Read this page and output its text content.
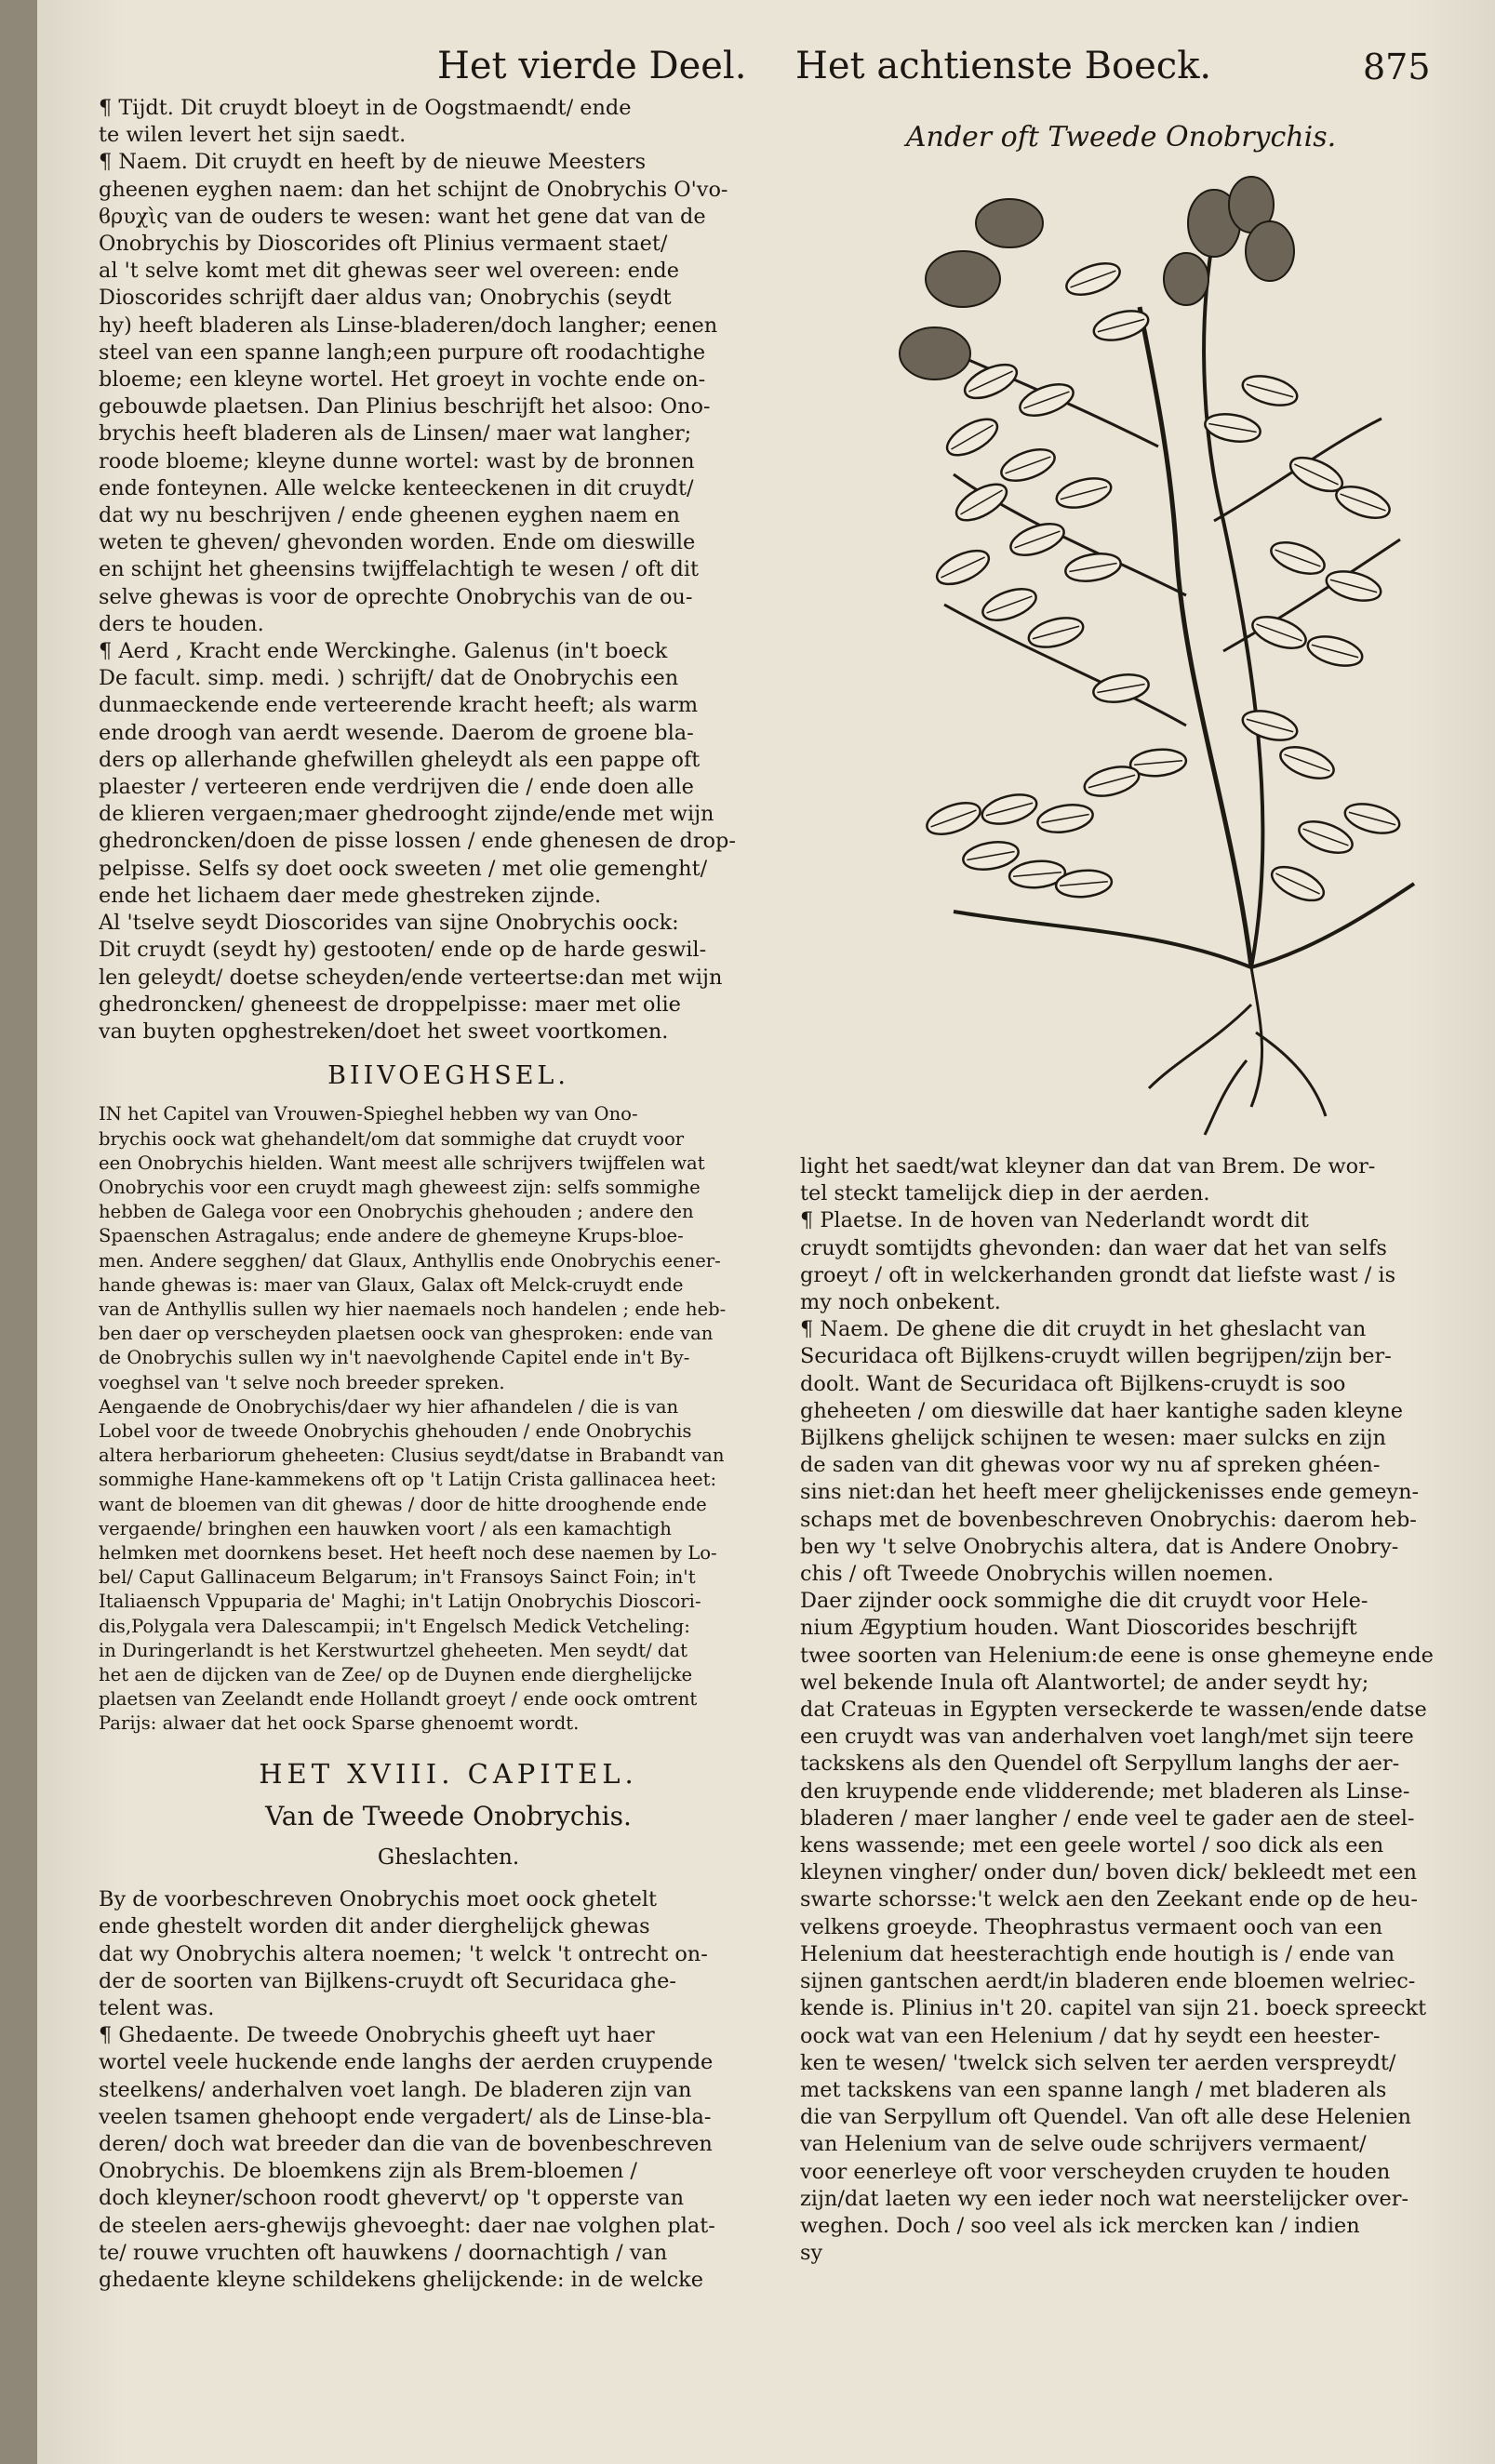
Het vierde Deel. Het achtienste Boeck.	875
¶ Tijdt. Dit cruydt bloeyt in de Oogstmaendt/ ende
te wilen levert het sijn saedt.
¶ Naem. Dit cruydt en heeft by de nieuwe Meesters
gheenen eyghen naem: dan het schijnt de Onobrychis O'vo-
ϐρυχὶς van de ouders te wesen: want het gene dat van de
Onobrychis by Dioscorides oft Plinius vermaent staet/
al 't selve komt met dit ghewas seer wel overeen: ende
Dioscorides schrijft daer aldus van; Onobrychis (seydt
hy) heeft bladeren als Linse-bladeren/doch langher; eenen
steel van een spanne langh;een purpure oft roodachtighe
bloeme; een kleyne wortel. Het groeyt in vochte ende on-
gebouwde plaetsen. Dan Plinius beschrijft het alsoo: Ono-
brychis heeft bladeren als de Linsen/ maer wat langher;
roode bloeme; kleyne dunne wortel: wast by de bronnen
ende fonteynen. Alle welcke kenteeckenen in dit cruydt/
dat wy nu beschrijven / ende gheenen eyghen naem en
weten te gheven/ ghevonden worden. Ende om dieswille
en schijnt het gheensins twijffelachtigh te wesen / oft dit
selve ghewas is voor de oprechte Onobrychis van de ou-
ders te houden.
¶ Aerd , Kracht ende Werckinghe. Galenus (in't boeck
De facult. simp. medi. ) schrijft/ dat de Onobrychis een
dunmaeckende ende verteerende kracht heeft; als warm
ende droogh van aerdt wesende. Daerom de groene bla-
ders op allerhande ghefwillen gheleydt als een pappe oft
plaester / verteeren ende verdrijven die / ende doen alle
de klieren vergaen;maer ghedrooght zijnde/ende met wijn
ghedroncken/doen de pisse lossen / ende ghenesen de drop-
pelpisse. Selfs sy doet oock sweeten / met olie gemenght/
ende het lichaem daer mede ghestreken zijnde.
Al 'tselve seydt Dioscorides van sijne Onobrychis oock:
Dit cruydt (seydt hy) gestooten/ ende op de harde geswil-
len geleydt/ doetse scheyden/ende verteertse:dan met wijn
ghedroncken/ gheneest de droppelpisse: maer met olie
van buyten opghestreken/doet het sweet voortkomen.
BIIVOEGHSEL.
IN het Capitel van Vrouwen-Spieghel hebben wy van Ono-
brychis oock wat ghehandelt/om dat sommighe dat cruydt voor
een Onobrychis hielden. Want meest alle schrijvers twijffelen wat
Onobrychis voor een cruydt magh gheweest zijn: selfs sommighe
hebben de Galega voor een Onobrychis ghehouden ; andere den
Spaenschen Astragalus; ende andere de ghemeyne Krups-bloe-
men. Andere segghen/ dat Glaux, Anthyllis ende Onobrychis eener-
hande ghewas is: maer van Glaux, Galax oft Melck-cruydt ende
van de Anthyllis sullen wy hier naemaels noch handelen ; ende heb-
ben daer op verscheyden plaetsen oock van ghesproken: ende van
de Onobrychis sullen wy in't naevolghende Capitel ende in't By-
voeghsel van 't selve noch breeder spreken.
Aengaende de Onobrychis/daer wy hier afhandelen / die is van
Lobel voor de tweede Onobrychis ghehouden / ende Onobrychis
altera herbariorum gheheeten: Clusius seydt/datse in Brabandt van
sommighe Hane-kammekens oft op 't Latijn Crista gallinacea heet:
want de bloemen van dit ghewas / door de hitte drooghende ende
vergaende/ bringhen een hauwken voort / als een kamachtigh
helmken met doornkens beset. Het heeft noch dese naemen by Lo-
bel/ Caput Gallinaceum Belgarum; in't Fransoys Sainct Foin; in't
Italiaensch Vppuparia de' Maghi; in't Latijn Onobrychis Dioscori-
dis,Polygala vera Dalescampii; in't Engelsch Medick Vetcheling:
in Duringerlandt is het Kerstwurtzel gheheeten. Men seydt/ dat
het aen de dijcken van de Zee/ op de Duynen ende dierghelijcke
plaetsen van Zeelandt ende Hollandt groeyt / ende oock omtrent
Parijs: alwaer dat het oock Sparse ghenoemt wordt.
HET XVIII. CAPITEL.
Van de Tweede Onobrychis.
Gheslachten.
By de voorbeschreven Onobrychis moet oock ghetelt
ende ghestelt worden dit ander dierghelijck ghewas
dat wy Onobrychis altera noemen; 't welck 't ontrecht on-
der de soorten van Bijlkens-cruydt oft Securidaca ghe-
telent was.
¶ Ghedaente. De tweede Onobrychis gheeft uyt haer
wortel veele huckende ende langhs der aerden cruypende
steelkens/ anderhalven voet langh. De bladeren zijn van
veelen tsamen ghehoopt ende vergadert/ als de Linse-bla-
deren/ doch wat breeder dan die van de bovenbeschreven
Onobrychis. De bloemkens zijn als Brem-bloemen /
doch kleyner/schoon roodt ghevervt/ op 't opperste van
de steelen aers-ghewijs ghevoeght: daer nae volghen plat-
te/ rouwe vruchten oft hauwkens / doornachtigh / van
ghedaente kleyne schildekens ghelijckende: in de welcke
Ander oft Tweede Onobrychis.
light het saedt/wat kleyner dan dat van Brem. De wor-
tel steckt tamelijck diep in der aerden.
¶ Plaetse. In de hoven van Nederlandt wordt dit
cruydt somtijdts ghevonden: dan waer dat het van selfs
groeyt / oft in welckerhanden grondt dat liefste wast / is
my noch onbekent.
¶ Naem. De ghene die dit cruydt in het gheslacht van
Securidaca oft Bijlkens-cruydt willen begrijpen/zijn ber-
doolt. Want de Securidaca oft Bijlkens-cruydt is soo
gheheeten / om dieswille dat haer kantighe saden kleyne
Bijlkens ghelijck schijnen te wesen: maer sulcks en zijn
de saden van dit ghewas voor wy nu af spreken ghéen-
sins niet:dan het heeft meer ghelijckenisses ende gemeyn-
schaps met de bovenbeschreven Onobrychis: daerom heb-
ben wy 't selve Onobrychis altera, dat is Andere Onobry-
chis / oft Tweede Onobrychis willen noemen.
Daer zijnder oock sommighe die dit cruydt voor Hele-
nium Ægyptium houden. Want Dioscorides beschrijft
twee soorten van Helenium:de eene is onse ghemeyne ende
wel bekende Inula oft Alantwortel; de ander seydt hy;
dat Crateuas in Egypten verseckerde te wassen/ende datse
een cruydt was van anderhalven voet langh/met sijn teere
tackskens als den Quendel oft Serpyllum langhs der aer-
den kruypende ende vlidderende; met bladeren als Linse-
bladeren / maer langher / ende veel te gader aen de steel-
kens wassende; met een geele wortel / soo dick als een
kleynen vingher/ onder dun/ boven dick/ bekleedt met een
swarte schorsse:'t welck aen den Zeekant ende op de heu-
velkens groeyde. Theophrastus vermaent ooch van een
Helenium dat heesterachtigh ende houtigh is / ende van
sijnen gantschen aerdt/in bladeren ende bloemen welriec-
kende is. Plinius in't 20. capitel van sijn 21. boeck spreeckt
oock wat van een Helenium / dat hy seydt een heester-
ken te wesen/ 'twelck sich selven ter aerden verspreydt/
met tackskens van een spanne langh / met bladeren als
die van Serpyllum oft Quendel. Van oft alle dese Helenien
van Helenium van de selve oude schrijvers vermaent/
voor eenerleye oft voor verscheyden cruyden te houden
zijn/dat laeten wy een ieder noch wat neerstelijcker over-
weghen. Doch / soo veel als ick mercken kan / indien
sy
